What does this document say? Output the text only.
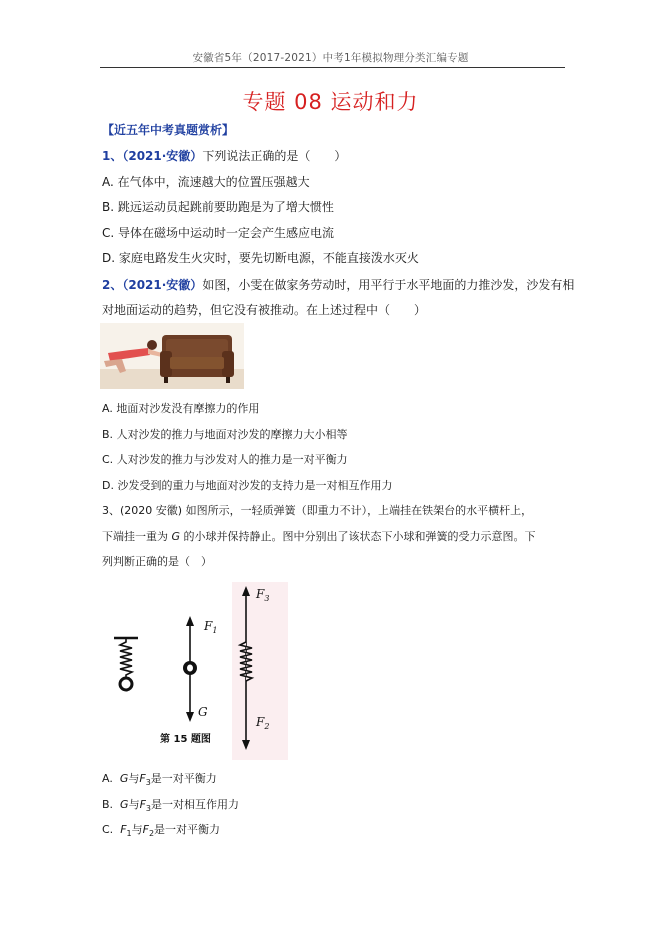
安徽省5年（2017-2021）中考1年模拟物理分类汇编专题
专题 08 运动和力
【近五年中考真题赏析】
1、（2021·安徽）下列说法正确的是（　　）
A. 在气体中，流速越大的位置压强越大
B. 跳远运动员起跳前要助跑是为了增大惯性
C. 导体在磁场中运动时一定会产生感应电流
D. 家庭电路发生火灾时，要先切断电源，不能直接泼水灭火
2、（2021·安徽）如图，小雯在做家务劳动时，用平行于水平地面的力推沙发，沙发有相
对地面运动的趋势，但它没有被推动。在上述过程中（　　）
A. 地面对沙发没有摩擦力的作用
B. 人对沙发的推力与地面对沙发的摩擦力大小相等
C. 人对沙发的推力与沙发对人的推力是一对平衡力
D. 沙发受到的重力与地面对沙发的支持力是一对相互作用力
3、(2020 安徽) 如图所示，一轻质弹簧（即重力不计），上端挂在铁架台的水平横杆上，
下端挂一重为 G 的小球并保持静止。图中分别出了该状态下小球和弹簧的受力示意图。下
列判断正确的是（　）
$F_1$
G
$F_3$
$F_2$
第 15 题图
A. G与$F_3$是一对平衡力
B. G与$F_3$是一对相互作用力
C. $F_1$与$F_2$是一对平衡力
